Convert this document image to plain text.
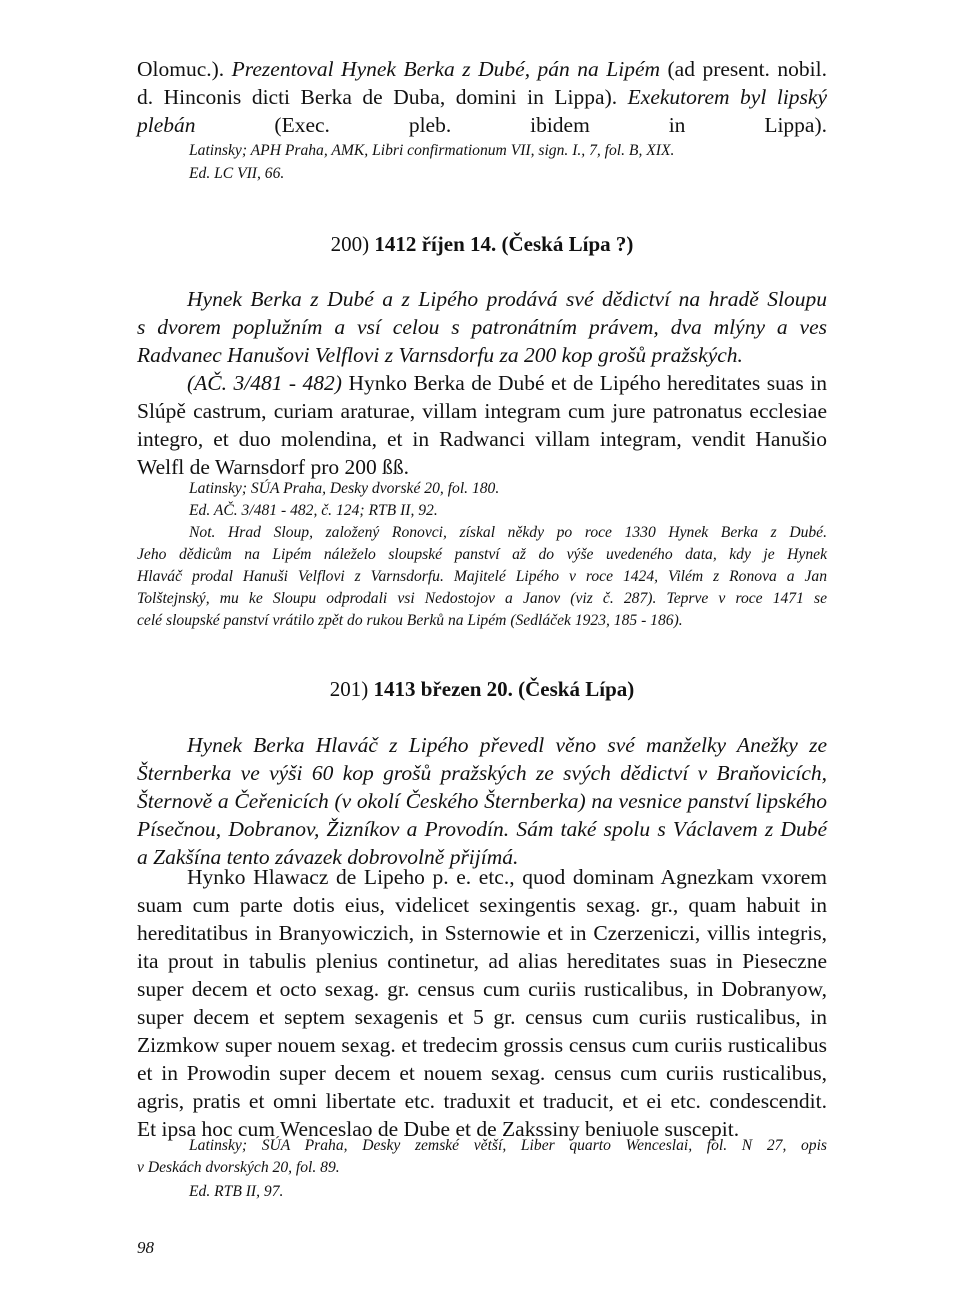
Olomuc.). Prezentoval Hynek Berka z Dubé, pán na Lipém (ad present. nobil.
d. Hinconis dicti Berka de Duba, domini in Lippa). Exekutorem byl lipský
plebán (Exec. pleb. ibidem in Lippa).
Latinsky; APH Praha, AMK, Libri confirmationum VII, sign. I., 7, fol. B, XIX.
Ed. LC VII, 66.
200) 1412 říjen 14. (Česká Lípa ?)
Hynek Berka z Dubé a z Lipého prodává své dědictví na hradě Sloupu
s dvorem poplužním a vsí celou s patronátním právem, dva mlýny a ves
Radvanec Hanušovi Velflovi z Varnsdorfu za 200 kop grošů pražských.
(AČ. 3/481 - 482) Hynko Berka de Dubé et de Lipého hereditates suas in
Slúpě castrum, curiam araturae, villam integram cum jure patronatus ecclesiae
integro, et duo molendina, et in Radwanci villam integram, vendit Hanušio
Welfl de Warnsdorf pro 200 ßß.
Latinsky; SÚA Praha, Desky dvorské 20, fol. 180.
Ed. AČ. 3/481 - 482, č. 124; RTB II, 92.
Not. Hrad Sloup, založený Ronovci, získal někdy po roce 1330 Hynek Berka z Dubé.
Jeho dědicům na Lipém náleželo sloupské panství až do výše uvedeného data, kdy je Hynek
Hlaváč prodal Hanuši Velflovi z Varnsdorfu. Majitelé Lipého v roce 1424, Vilém z Ronova a Jan
Tolštejnský, mu ke Sloupu odprodali vsi Nedostojov a Janov (viz č. 287). Teprve v roce 1471 se
celé sloupské panství vrátilo zpět do rukou Berků na Lipém (Sedláček 1923, 185 - 186).
201) 1413 březen 20. (Česká Lípa)
Hynek Berka Hlaváč z Lipého převedl věno své manželky Anežky ze
Šternberka ve výši 60 kop grošů pražských ze svých dědictví v Braňovicích,
Šternově a Čeřenicích (v okolí Českého Šternberka) na vesnice panství lipského
Písečnou, Dobranov, Žizníkov a Provodín. Sám také spolu s Václavem z Dubé
a Zakšína tento závazek dobrovolně přijímá.
Hynko Hlawacz de Lipeho p. e. etc., quod dominam Agnezkam vxorem
suam cum parte dotis eius, videlicet sexingentis sexag. gr., quam habuit in
hereditatibus in Branyowiczich, in Ssternowie et in Czerzeniczi, villis integris,
ita prout in tabulis plenius continetur, ad alias hereditates suas in Pieseczne
super decem et octo sexag. gr. census cum curiis rusticalibus, in Dobranyow,
super decem et septem sexagenis et 5 gr. census cum curiis rusticalibus, in
Zizmkow super nouem sexag. et tredecim grossis census cum curiis rusticalibus
et in Prowodin super decem et nouem sexag. census cum curiis rusticalibus,
agris, pratis et omni libertate etc. traduxit et traducit, et ei etc. condescendit.
Et ipsa hoc cum Wenceslao de Dube et de Zakssiny beniuole suscepit.
Latinsky; SÚA Praha, Desky zemské větší, Liber quarto Wenceslai, fol. N 27, opis
v Deskách dvorských 20, fol. 89.
Ed. RTB II, 97.
98
